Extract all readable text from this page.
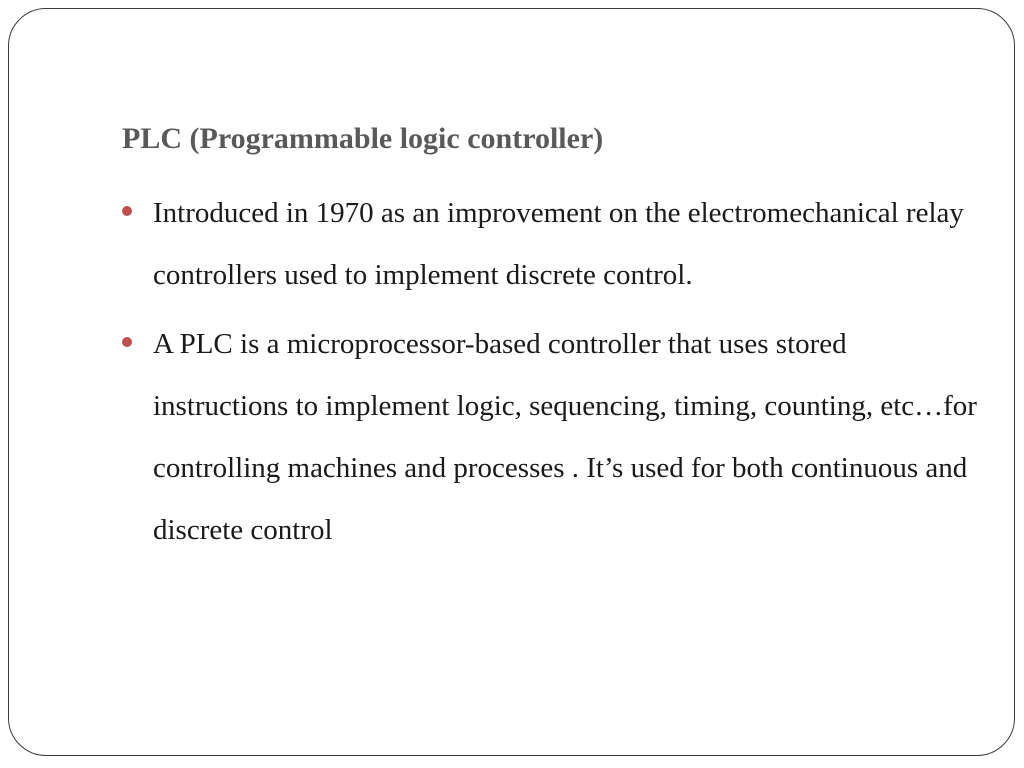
PLC (Programmable logic controller)
Introduced in 1970 as an improvement on the electromechanical relay controllers used to implement discrete control.
A PLC is a microprocessor-based controller that uses stored instructions to implement logic, sequencing, timing, counting, etc…for controlling machines and processes . It’s used for both continuous and discrete control
